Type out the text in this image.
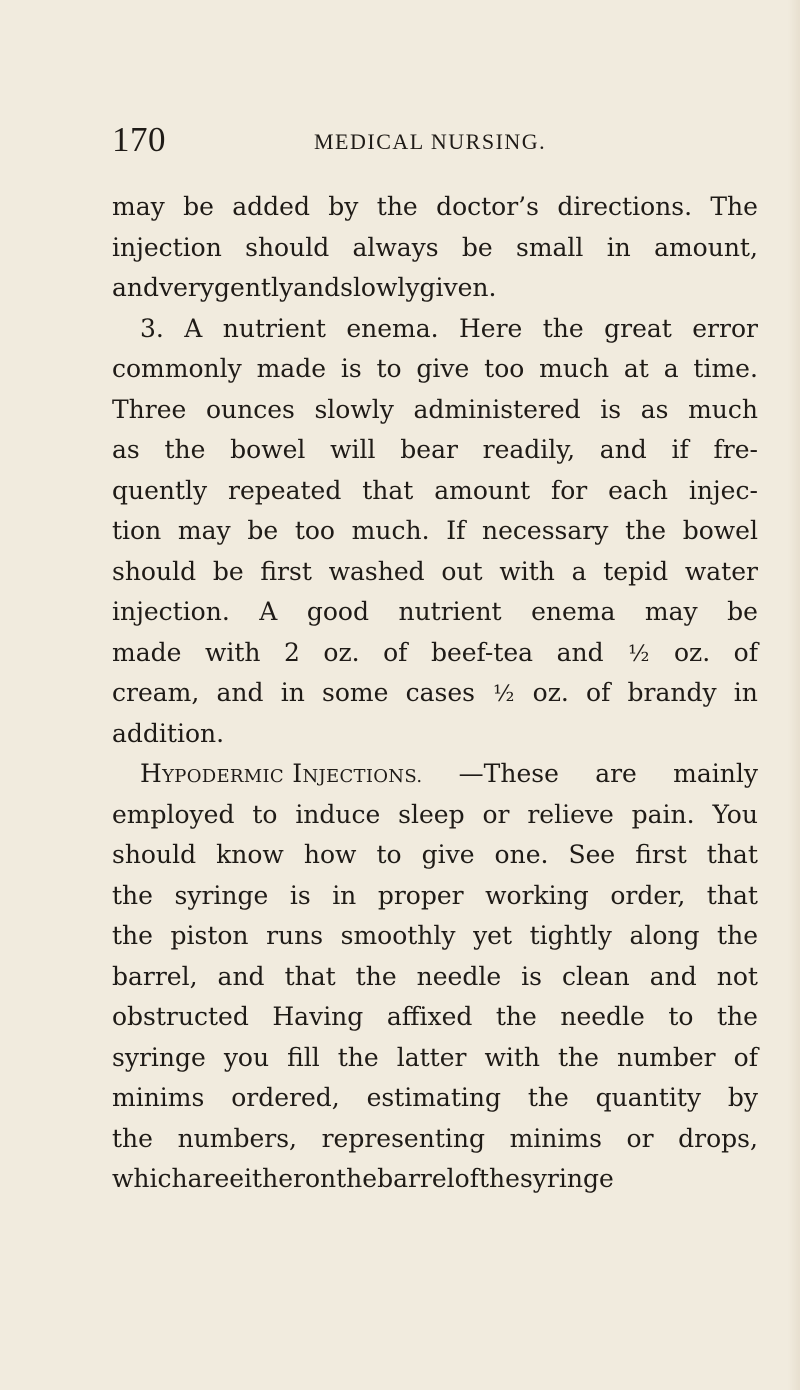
170	MEDICAL NURSING.
may be added by the doctor’s directions. The
injection should always be small in amount,
and very gently and slowly given.
3. A nutrient enema. Here the great error
commonly made is to give too much at a time.
Three ounces slowly administered is as much
as the bowel will bear readily, and if fre-
quently repeated that amount for each injec-
tion may be too much. If necessary the bowel
should be first washed out with a tepid water
injection. A good nutrient enema may be
made with 2 oz. of beef-tea and ½ oz. of
cream, and in some cases ½ oz. of brandy in
addition.
HYPODERMIC INJECTIONS. —These are mainly
employed to induce sleep or relieve pain. You
should know how to give one. See first that
the syringe is in proper working order, that
the piston runs smoothly yet tightly along the
barrel, and that the needle is clean and not
obstructed Having affixed the needle to the
syringe you fill the latter with the number of
minims ordered, estimating the quantity by
the numbers, representing minims or drops,
which are either on the barrel of the syringe
